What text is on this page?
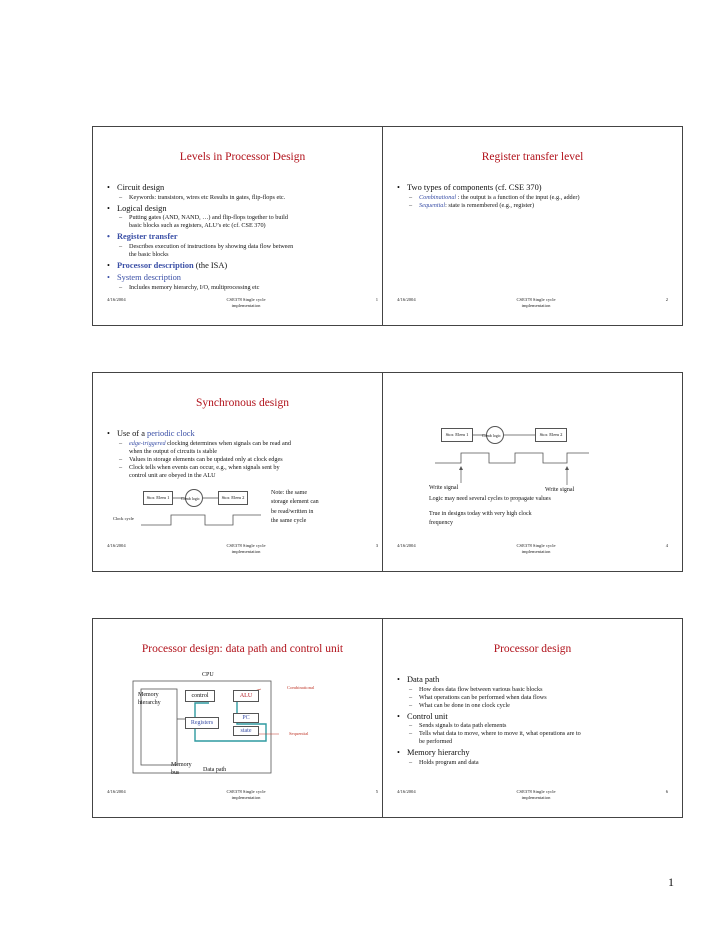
Levels in Processor Design
• Circuit design
– Keywords: transistors, wires etc Results in gates, flip-flops etc.
• Logical design
– Putting gates (AND, NAND, …) and flip-flops together to build
basic blocks such as registers, ALU’s etc (cf. CSE 370)
• Register transfer
– Describes execution of instructions by showing data flow between
the basic blocks
• Processor description (the ISA)
• System description
– Includes memory hierarchy, I/O, multiprocessing etc
4/16/2004	CSE378 Single cycle
implementation
1
Register transfer level
• Two types of components (cf. CSE 370)
– Combinational : the output is a function of the input (e.g., adder)
– Sequential: state is remembered (e.g., register)
4/16/2004	CSE378 Single cycle
implementation
2
Synchronous design
• Use of a periodic clock
– edge-triggered clocking determines when signals can be read and
when the output of circuits is stable
– Values in storage elements can be updated only at clock edges
– Clock tells when events can occur, e.g., when signals sent by
control unit are obeyed in the ALU
Stor. Elem 1	Comb logic	Stor. Elem 2
Clock cycle
Note: the same
storage element can
be read/written in
the same cycle
4/16/2004	CSE378 Single cycle
implementation
3
Stor. Elem 1	Comb logic	Stor. Elem 2
Write signal	Write signal
Logic may need several cycles to propagate values
True in designs today with very high clock
frequency
4/16/2004	CSE378 Single cycle
implementation
4
Processor design: data path and control unit
CPU
Memory
hierarchy
control	ALU
PC
Registers
state
Combinational
Sequential
Memory
bus	Data path
4/16/2004	CSE378 Single cycle
implementation
5
Processor design
• Data path
– How does data flow between various basic blocks
– What operations can be performed when data flows
– What can be done in one clock cycle
• Control unit
– Sends signals to data path elements
– Tells what data to move, where to move it, what operations are to
be performed
• Memory hierarchy
– Holds program and data
4/16/2004	CSE378 Single cycle
implementation
6
1
